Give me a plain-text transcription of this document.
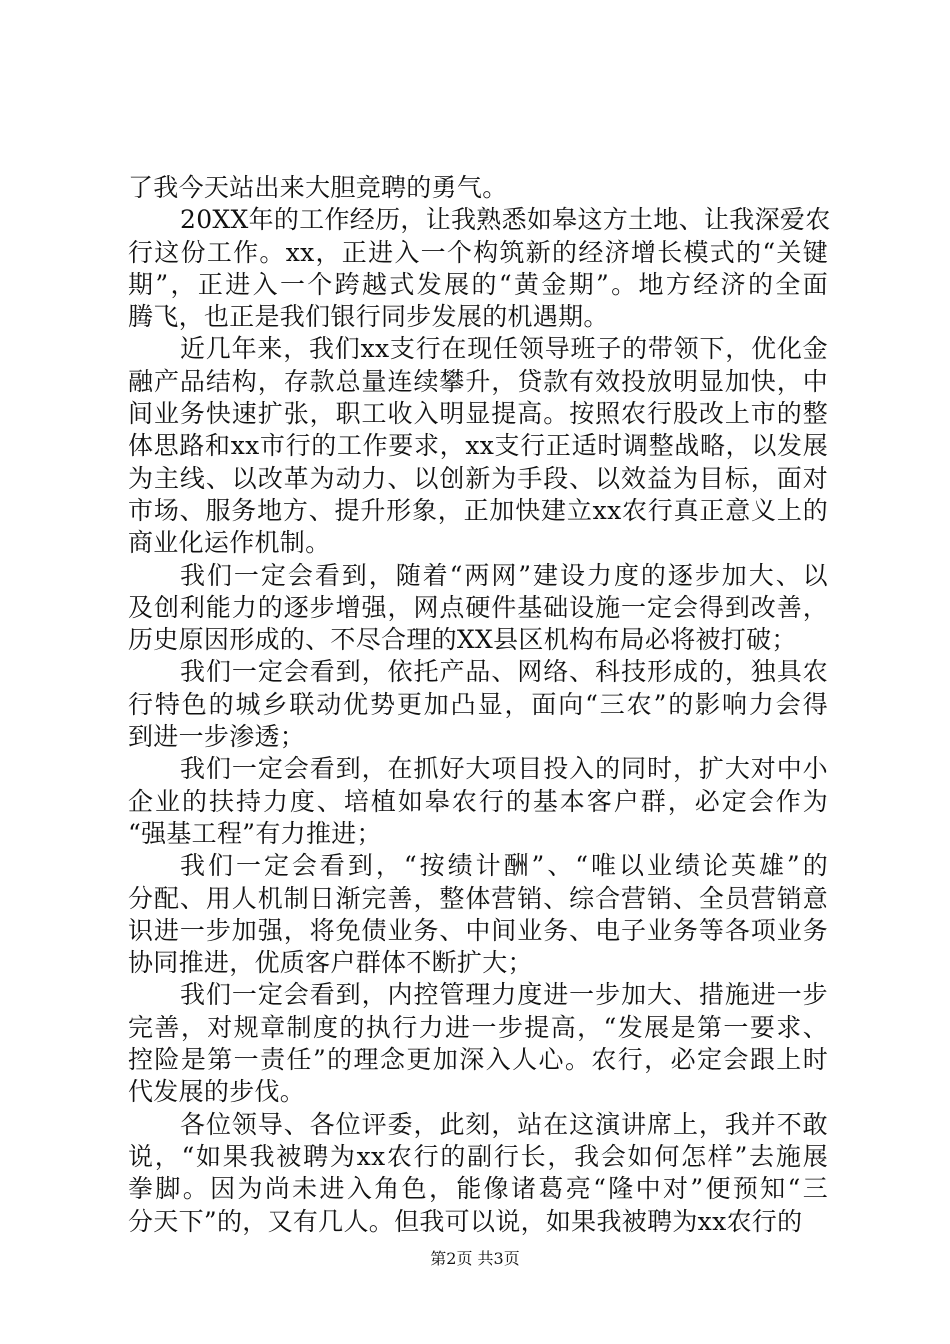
了我今天站出来大胆竞聘的勇气。
20XX年的工作经历，让我熟悉如皋这方土地、让我深爱农
行这份工作。xx，正进入一个构筑新的经济增长模式的“关键
期”，正进入一个跨越式发展的“黄金期”。地方经济的全面
腾飞，也正是我们银行同步发展的机遇期。
近几年来，我们xx支行在现任领导班子的带领下，优化金
融产品结构，存款总量连续攀升，贷款有效投放明显加快，中
间业务快速扩张，职工收入明显提高。按照农行股改上市的整
体思路和xx市行的工作要求，xx支行正适时调整战略，以发展
为主线、以改革为动力、以创新为手段、以效益为目标，面对
市场、服务地方、提升形象，正加快建立xx农行真正意义上的
商业化运作机制。
我们一定会看到，随着“两网”建设力度的逐步加大、以
及创利能力的逐步增强，网点硬件基础设施一定会得到改善，
历史原因形成的、不尽合理的XX县区机构布局必将被打破；
我们一定会看到，依托产品、网络、科技形成的，独具农
行特色的城乡联动优势更加凸显，面向“三农”的影响力会得
到进一步渗透；
我们一定会看到，在抓好大项目投入的同时，扩大对中小
企业的扶持力度、培植如皋农行的基本客户群，必定会作为
“强基工程”有力推进；
我们一定会看到，“按绩计酬”、“唯以业绩论英雄”的
分配、用人机制日渐完善，整体营销、综合营销、全员营销意
识进一步加强，将免债业务、中间业务、电子业务等各项业务
协同推进，优质客户群体不断扩大；
我们一定会看到，内控管理力度进一步加大、措施进一步
完善，对规章制度的执行力进一步提高，“发展是第一要求、
控险是第一责任”的理念更加深入人心。农行，必定会跟上时
代发展的步伐。
各位领导、各位评委，此刻，站在这演讲席上，我并不敢
说，“如果我被聘为xx农行的副行长，我会如何怎样”去施展
拳脚。因为尚未进入角色，能像诸葛亮“隆中对”便预知“三
分天下”的，又有几人。但我可以说，如果我被聘为xx农行的
第2页 共3页
